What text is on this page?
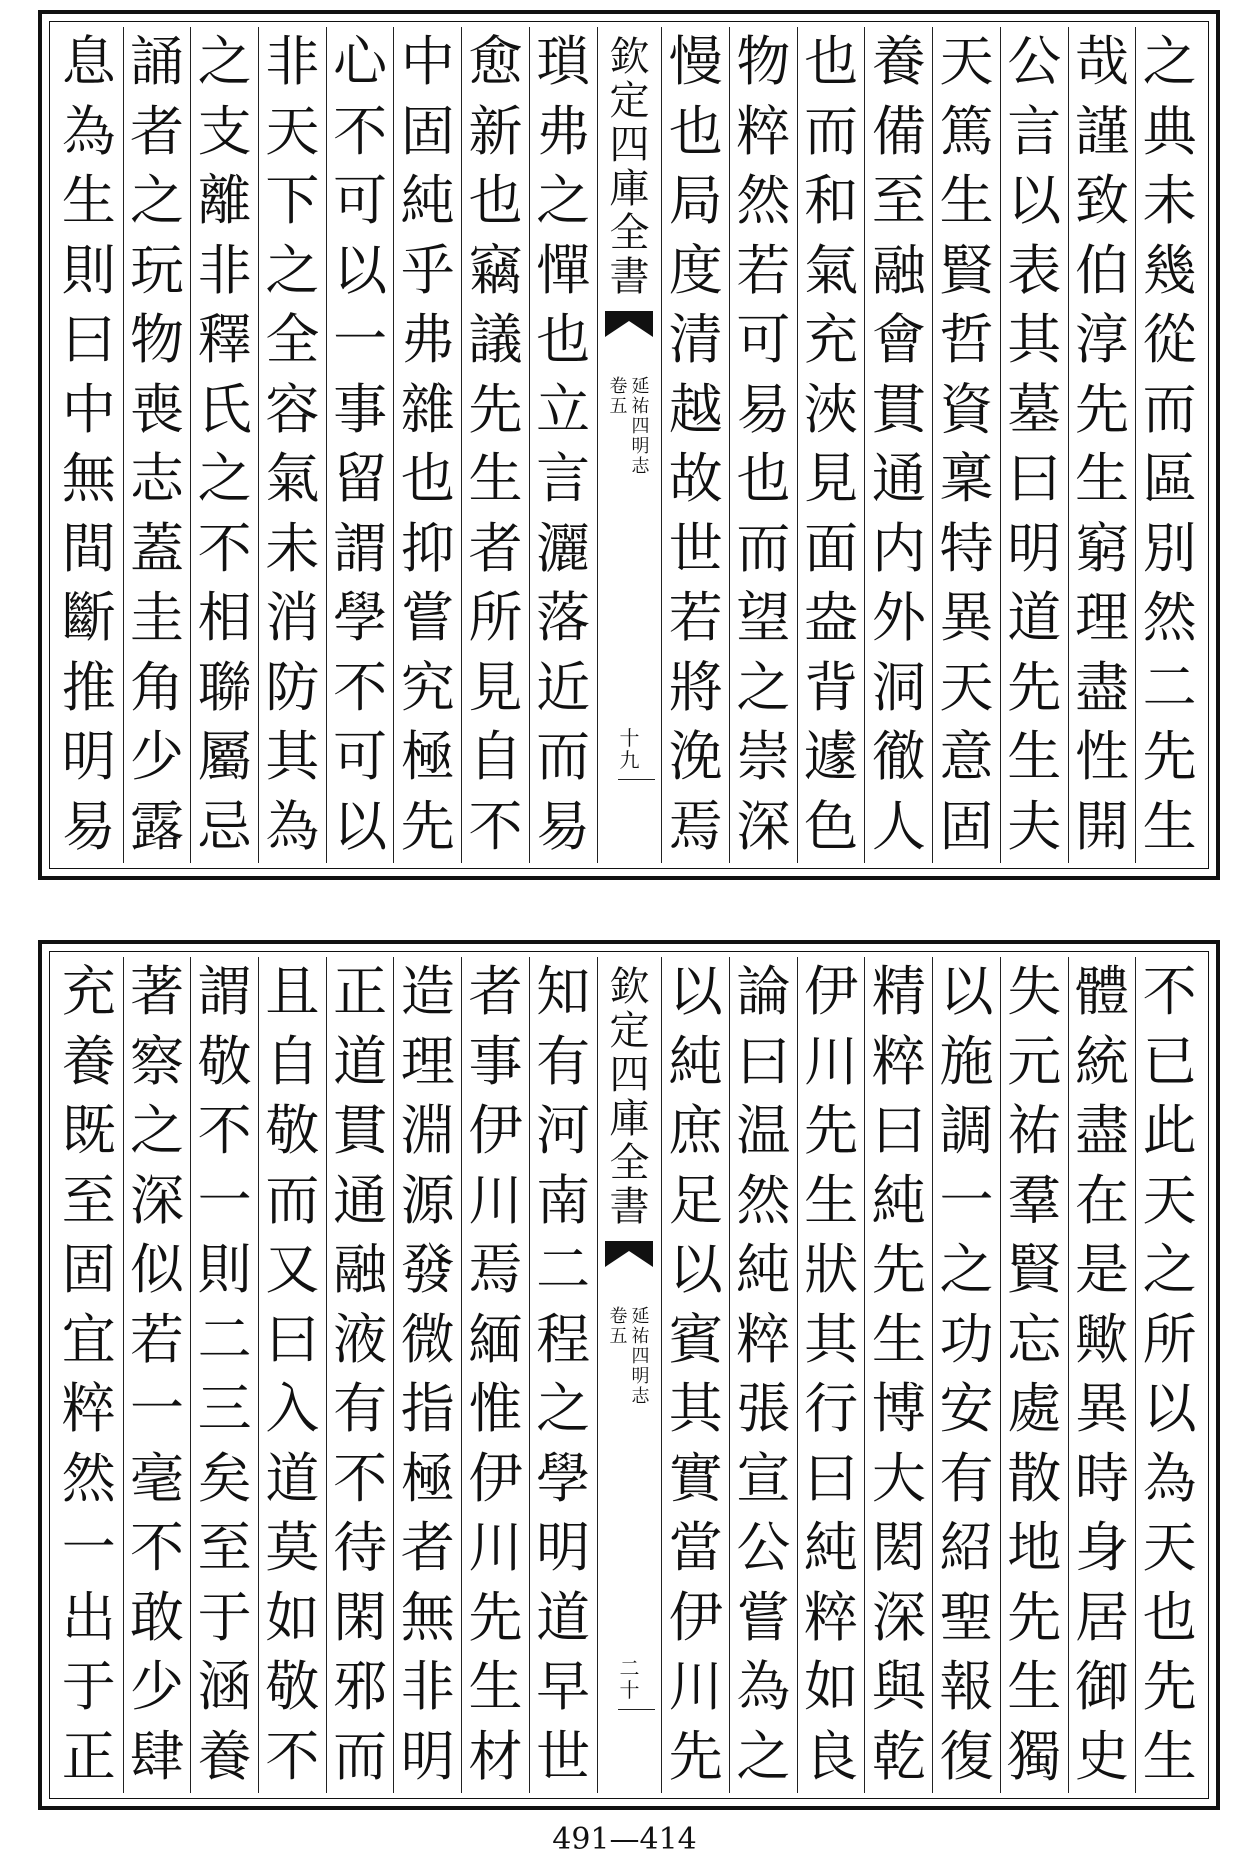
之
典
未
幾
從
而
區
別
然
二
先
生
哉
謹
致
伯
淳
先
生
窮
理
盡
性
開
公
言
以
表
其
墓
曰
明
道
先
生
夫
天
篤
生
賢
哲
資
稟
特
異
天
意
固
養
備
至
融
會
貫
通
内
外
洞
徹
人
也
而
和
氣
充
浹
見
面
盎
背
遽
色
物
粹
然
若
可
易
也
而
望
之
崇
深
慢
也
局
度
清
越
故
世
若
將
浼
焉
欽
定
四
庫
全
書
延
祐
四
明
志
卷
五
十
九
瑣
弗
之
憚
也
立
言
灑
落
近
而
易
愈
新
也
竊
議
先
生
者
所
見
自
不
中
固
純
乎
弗
雜
也
抑
嘗
究
極
先
心
不
可
以
一
事
留
謂
學
不
可
以
非
天
下
之
全
容
氣
未
消
防
其
為
之
支
離
非
釋
氏
之
不
相
聯
屬
忌
誦
者
之
玩
物
喪
志
蓋
圭
角
少
露
息
為
生
則
曰
中
無
間
斷
推
明
易
不
已
此
天
之
所
以
為
天
也
先
生
體
統
盡
在
是
歟
異
時
身
居
御
史
失
元
祐
羣
賢
忘
處
散
地
先
生
獨
以
施
調
一
之
功
安
有
紹
聖
報
復
精
粹
曰
純
先
生
博
大
閎
深
與
乾
伊
川
先
生
狀
其
行
曰
純
粹
如
良
論
曰
温
然
純
粹
張
宣
公
嘗
為
之
以
純
庶
足
以
賓
其
實
當
伊
川
先
欽
定
四
庫
全
書
延
祐
四
明
志
卷
五
二
十
知
有
河
南
二
程
之
學
明
道
早
世
者
事
伊
川
焉
緬
惟
伊
川
先
生
材
造
理
淵
源
發
微
指
極
者
無
非
明
正
道
貫
通
融
液
有
不
待
閑
邪
而
且
自
敬
而
又
曰
入
道
莫
如
敬
不
謂
敬
不
一
則
二
三
矣
至
于
涵
養
著
察
之
深
似
若
一
毫
不
敢
少
肆
充
養
既
至
固
宜
粹
然
一
出
于
正
491—414
